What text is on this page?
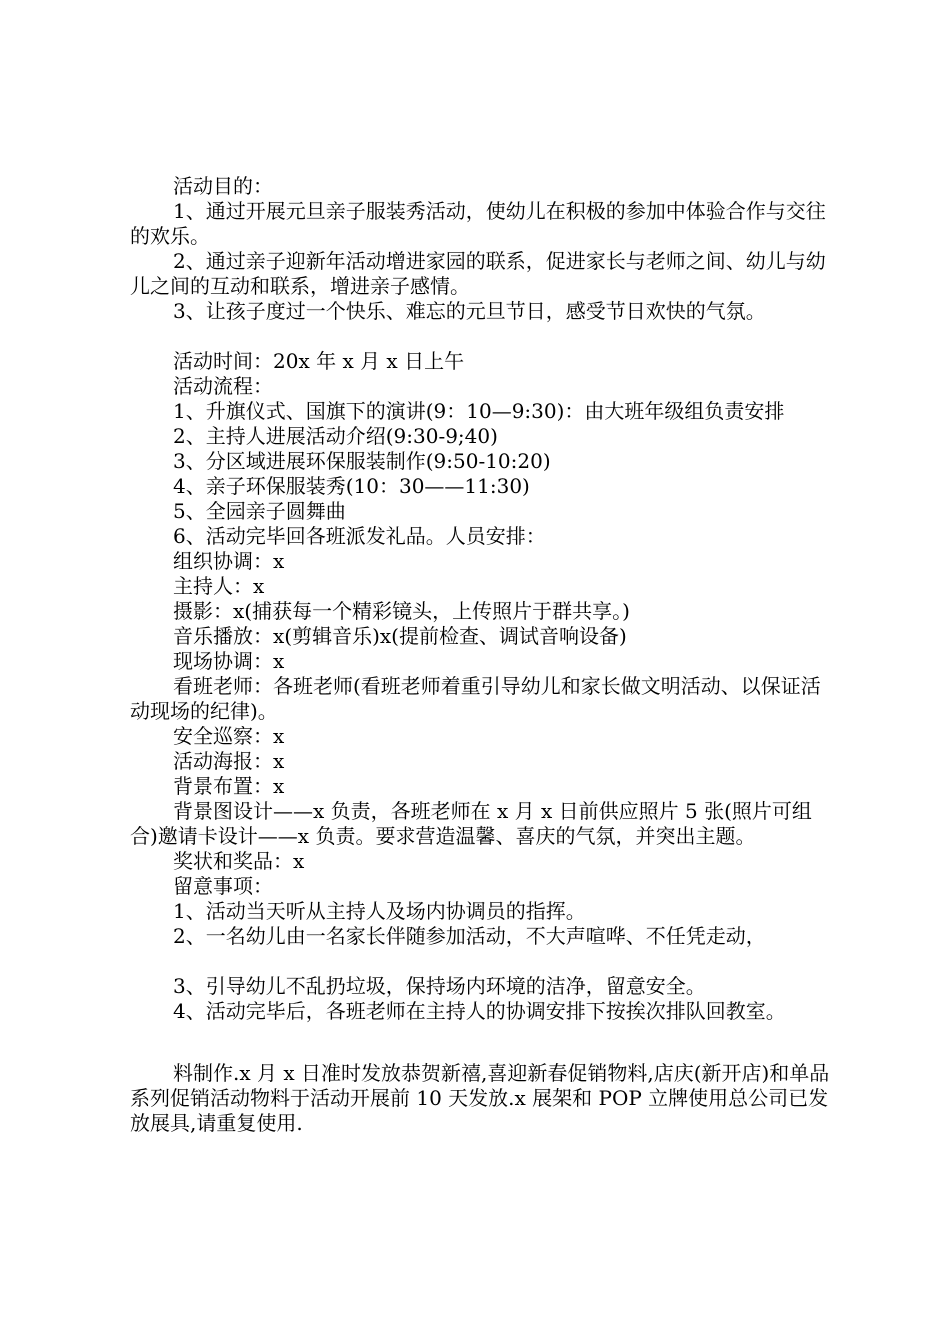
活动目的：

1、通过开展元旦亲子服装秀活动，使幼儿在积极的参加中体验合作与交往的欢乐。

2、通过亲子迎新年活动增进家园的联系，促进家长与老师之间、幼儿与幼儿之间的互动和联系，增进亲子感情。

3、让孩子度过一个快乐、难忘的元旦节日，感受节日欢快的气氛。

活动时间：20x 年 x 月 x 日上午

活动流程：

1、升旗仪式、国旗下的演讲(9：10—9:30)：由大班年级组负责安排

2、主持人进展活动介绍(9:30-9;40)

3、分区域进展环保服装制作(9:50-10:20)

4、亲子环保服装秀(10：30——11:30)

5、全园亲子圆舞曲

6、活动完毕回各班派发礼品。人员安排：

组织协调：x

主持人：x

摄影：x(捕获每一个精彩镜头，上传照片于群共享。)

音乐播放：x(剪辑音乐)x(提前检查、调试音响设备)

现场协调：x

看班老师：各班老师(看班老师着重引导幼儿和家长做文明活动、以保证活动现场的纪律)。

安全巡察：x

活动海报：x

背景布置：x

背景图设计——x 负责，各班老师在 x 月 x 日前供应照片 5 张(照片可组合)邀请卡设计——x 负责。要求营造温馨、喜庆的气氛，并突出主题。

奖状和奖品：x

留意事项：

1、活动当天听从主持人及场内协调员的指挥。

2、一名幼儿由一名家长伴随参加活动，不大声喧哗、不任凭走动，

3、引导幼儿不乱扔垃圾，保持场内环境的洁净，留意安全。

4、活动完毕后，各班老师在主持人的协调安排下按挨次排队回教室。

料制作.x 月 x 日准时发放恭贺新禧,喜迎新春促销物料,店庆(新开店)和单品系列促销活动物料于活动开展前 10 天发放.x 展架和 POP 立牌使用总公司已发放展具,请重复使用.
